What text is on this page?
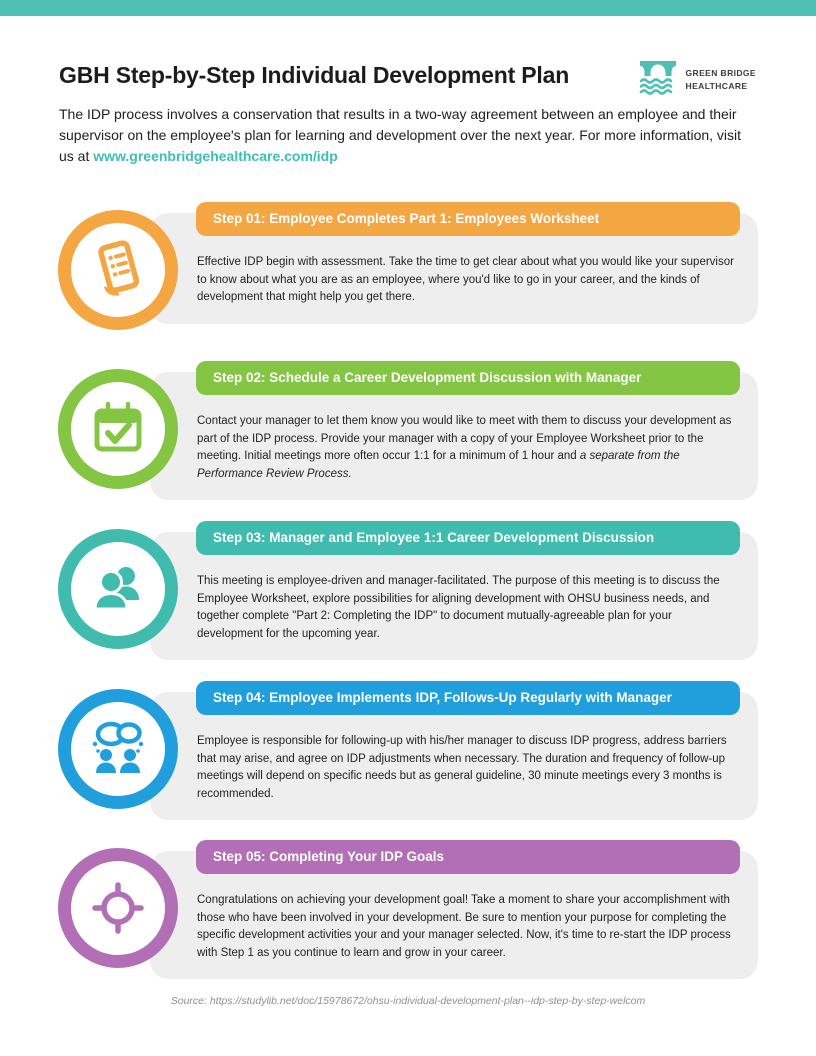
GBH Step-by-Step Individual Development Plan	GREEN BRIDGE
HEALTHCARE

The IDP process involves a conservation that results in a two-way agreement between an employee and their supervisor on the employee's plan for learning and development over the next year. For more information, visit us at www.greenbridgehealthcare.com/idp

Effective IDP begin with assessment. Take the time to get clear about what you would like your supervisor to know about what you are as an employee, where you'd like to go in your career, and the kinds of development that might help you get there.

Step 01: Employee Completes Part 1: Employees Worksheet

Contact your manager to let them know you would like to meet with them to discuss your development as part of the IDP process. Provide your manager with a copy of your Employee Worksheet prior to the meeting. Initial meetings more often occur 1:1 for a minimum of 1 hour and a separate from the Performance Review Process.

Step 02: Schedule a Career Development Discussion with Manager

This meeting is employee-driven and manager-facilitated. The purpose of this meeting is to discuss the Employee Worksheet, explore possibilities for aligning development with OHSU business needs, and together complete "Part 2: Completing the IDP" to document mutually-agreeable plan for your development for the upcoming year.

Step 03: Manager and Employee 1:1 Career Development Discussion

Employee is responsible for following-up with his/her manager to discuss IDP progress, address barriers that may arise, and agree on IDP adjustments when necessary. The duration and frequency of follow-up meetings will depend on specific needs but as general guideline, 30 minute meetings every 3 months is recommended.

Step 04: Employee Implements IDP, Follows-Up Regularly with Manager

Congratulations on achieving your development goal! Take a moment to share your accomplishment with those who have been involved in your development. Be sure to mention your purpose for completing the specific development activities your and your manager selected. Now, it's time to re-start the IDP process with Step 1 as you continue to learn and grow in your career.

Step 05: Completing Your IDP Goals

Source: https://studylib.net/doc/15978672/ohsu-individual-development-plan--idp-step-by-step-welcom
